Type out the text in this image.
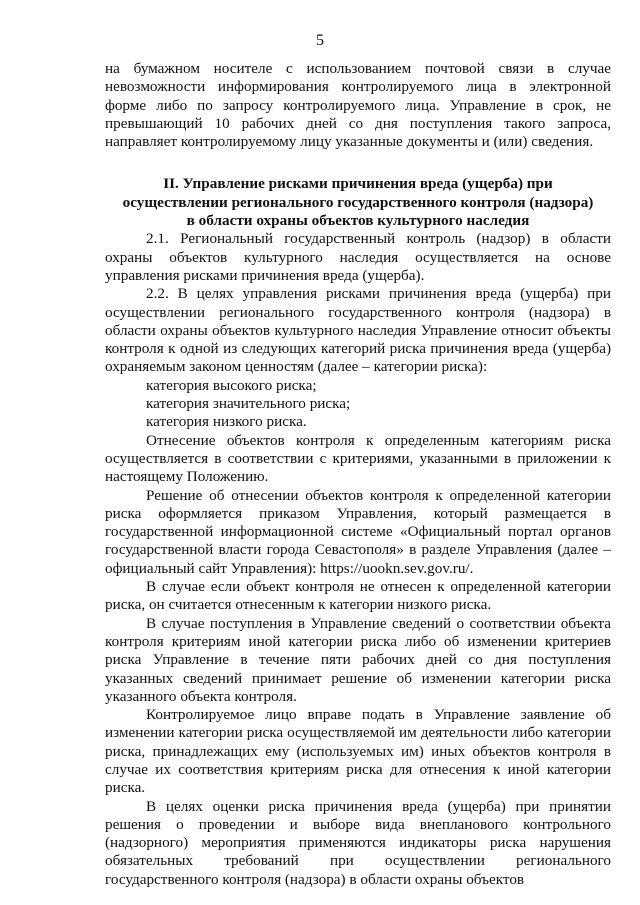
5

на бумажном носителе с использованием почтовой связи в случае невозможности информирования контролируемого лица в электронной форме либо по запросу контролируемого лица. Управление в срок, не превышающий 10 рабочих дней со дня поступления такого запроса, направляет контролируемому лицу указанные документы и (или) сведения.

II. Управление рисками причинения вреда (ущерба) при
осуществлении регионального государственного контроля (надзора)
в области охраны объектов культурного наследия

2.1. Региональный государственный контроль (надзор) в области охраны объектов культурного наследия осуществляется на основе управления рисками причинения вреда (ущерба).

2.2. В целях управления рисками причинения вреда (ущерба) при осуществлении регионального государственного контроля (надзора) в области охраны объектов культурного наследия Управление относит объекты контроля к одной из следующих категорий риска причинения вреда (ущерба) охраняемым законом ценностям (далее – категории риска):

категория высокого риска;

категория значительного риска;

категория низкого риска.

Отнесение объектов контроля к определенным категориям риска осуществляется в соответствии с критериями, указанными в приложении к настоящему Положению.

Решение об отнесении объектов контроля к определенной категории риска оформляется приказом Управления, который размещается в государственной информационной системе «Официальный портал органов государственной власти города Севастополя» в разделе Управления (далее – официальный сайт Управления): https://uookn.sev.gov.ru/.

В случае если объект контроля не отнесен к определенной категории риска, он считается отнесенным к категории низкого риска.

В случае поступления в Управление сведений о соответствии объекта контроля критериям иной категории риска либо об изменении критериев риска Управление в течение пяти рабочих дней со дня поступления указанных сведений принимает решение об изменении категории риска указанного объекта контроля.

Контролируемое лицо вправе подать в Управление заявление об изменении категории риска осуществляемой им деятельности либо категории риска, принадлежащих ему (используемых им) иных объектов контроля в случае их соответствия критериям риска для отнесения к иной категории риска.

В целях оценки риска причинения вреда (ущерба) при принятии решения о проведении и выборе вида внепланового контрольного (надзорного) мероприятия применяются индикаторы риска нарушения обязательных требований при осуществлении регионального государственного контроля (надзора) в области охраны объектов
